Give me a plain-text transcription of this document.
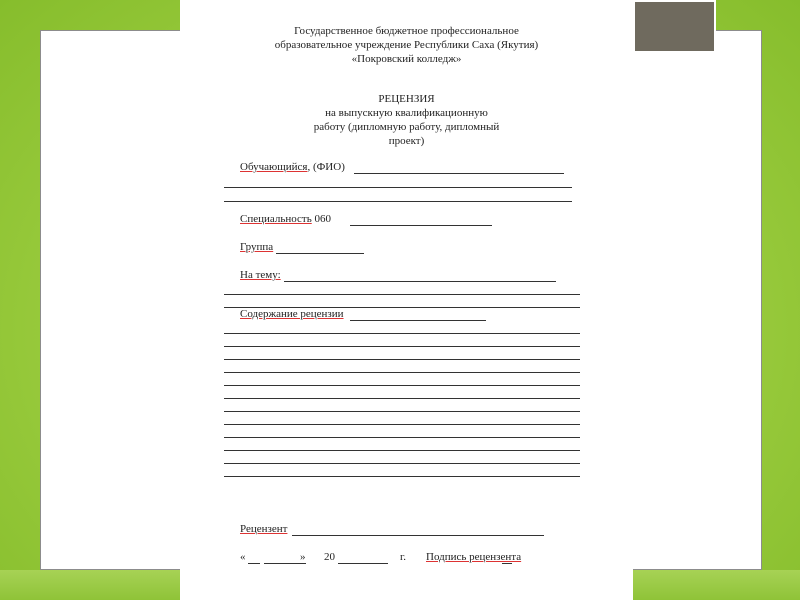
Государственное бюджетное профессиональное
образовательное учреждение Республики Саха (Якутия)
«Покровский колледж»
РЕЦЕНЗИЯ
на выпускную квалификационную
работу (дипломную работу, дипломный
проект)
Обучающийся, (ФИО)
Специальность 060
Группа
На тему:
Содержание рецензии
Рецензент
«	» 20	г. Подпись рецензента
